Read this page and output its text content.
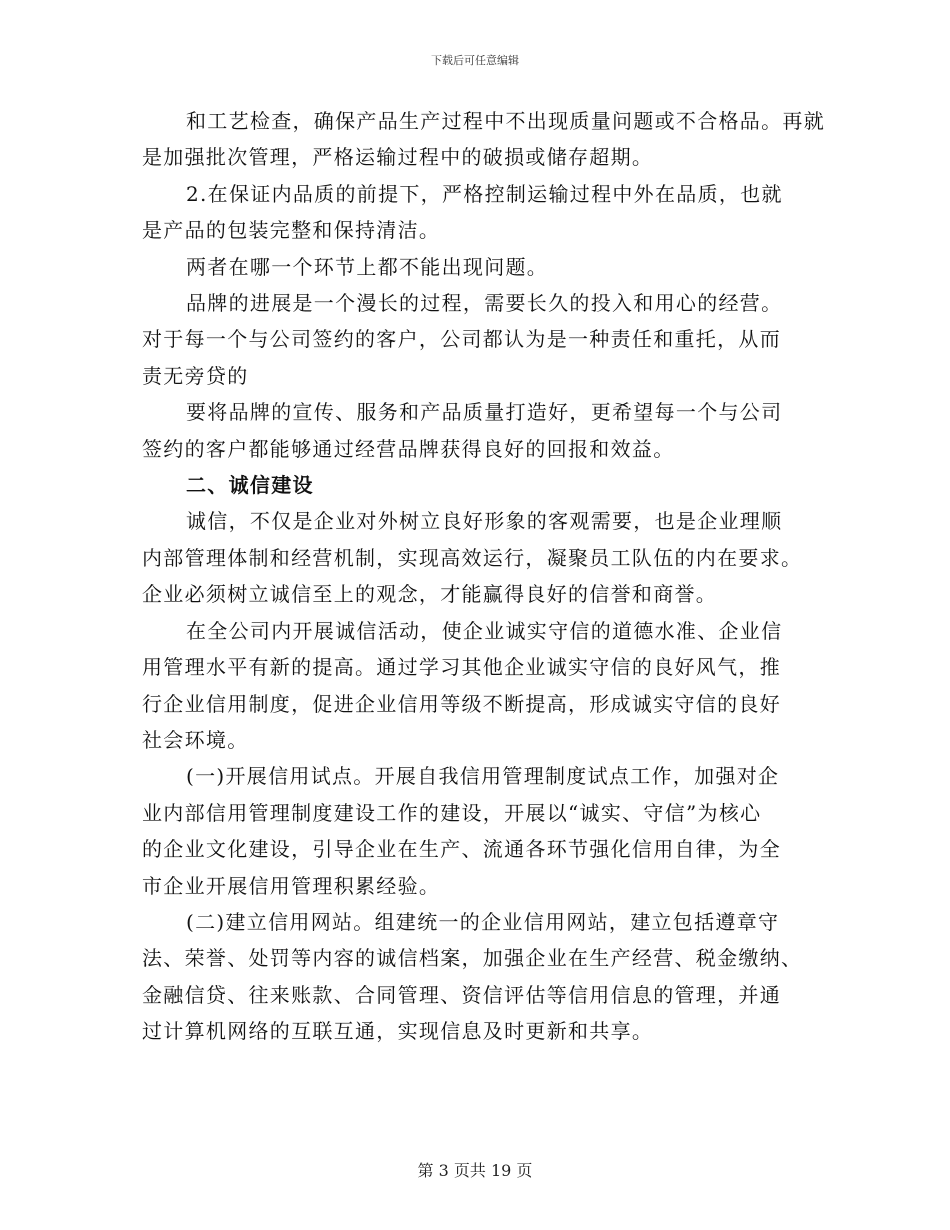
下载后可任意编辑

和工艺检查，确保产品生产过程中不出现质量问题或不合格品。再就
是加强批次管理，严格运输过程中的破损或储存超期。

2.在保证内品质的前提下，严格控制运输过程中外在品质，也就
是产品的包装完整和保持清洁。

两者在哪一个环节上都不能出现问题。

品牌的进展是一个漫长的过程，需要长久的投入和用心的经营。
对于每一个与公司签约的客户，公司都认为是一种责任和重托，从而
责无旁贷的

要将品牌的宣传、服务和产品质量打造好，更希望每一个与公司
签约的客户都能够通过经营品牌获得良好的回报和效益。

二、诚信建设

诚信，不仅是企业对外树立良好形象的客观需要，也是企业理顺
内部管理体制和经营机制，实现高效运行，凝聚员工队伍的内在要求。
企业必须树立诚信至上的观念，才能赢得良好的信誉和商誉。

在全公司内开展诚信活动，使企业诚实守信的道德水准、企业信
用管理水平有新的提高。通过学习其他企业诚实守信的良好风气，推
行企业信用制度，促进企业信用等级不断提高，形成诚实守信的良好
社会环境。

(一)开展信用试点。开展自我信用管理制度试点工作，加强对企
业内部信用管理制度建设工作的建设，开展以“诚实、守信”为核心
的企业文化建设，引导企业在生产、流通各环节强化信用自律，为全
市企业开展信用管理积累经验。

(二)建立信用网站。组建统一的企业信用网站，建立包括遵章守
法、荣誉、处罚等内容的诚信档案，加强企业在生产经营、税金缴纳、
金融信贷、往来账款、合同管理、资信评估等信用信息的管理，并通
过计算机网络的互联互通，实现信息及时更新和共享。

第 3 页共 19 页
